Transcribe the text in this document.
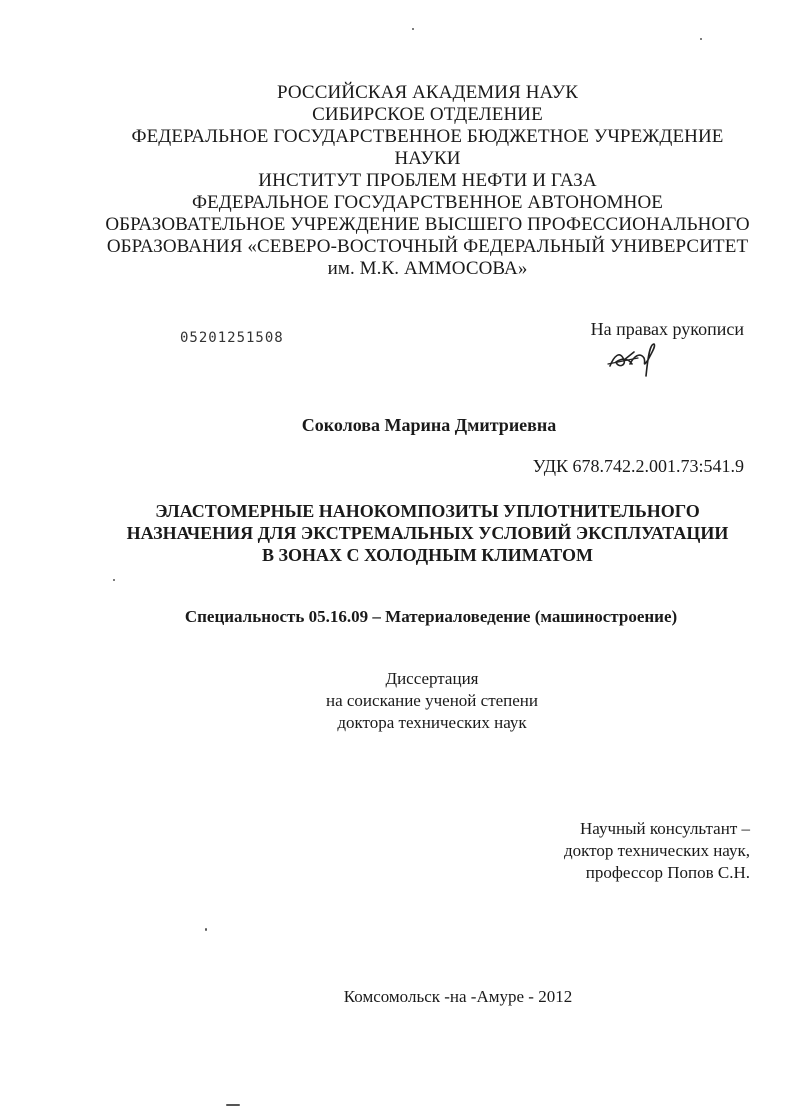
РОССИЙСКАЯ АКАДЕМИЯ НАУК
СИБИРСКОЕ ОТДЕЛЕНИЕ
ФЕДЕРАЛЬНОЕ ГОСУДАРСТВЕННОЕ БЮДЖЕТНОЕ УЧРЕЖДЕНИЕ
НАУКИ
ИНСТИТУТ ПРОБЛЕМ НЕФТИ И ГАЗА
ФЕДЕРАЛЬНОЕ ГОСУДАРСТВЕННОЕ АВТОНОМНОЕ
ОБРАЗОВАТЕЛЬНОЕ УЧРЕЖДЕНИЕ ВЫСШЕГО ПРОФЕССИОНАЛЬНОГО
ОБРАЗОВАНИЯ «СЕВЕРО-ВОСТОЧНЫЙ ФЕДЕРАЛЬНЫЙ УНИВЕРСИТЕТ
им. М.К. АММОСОВА»
05201251508	На правах рукописи
Соколова Марина Дмитриевна
УДК 678.742.2.001.73:541.9
ЭЛАСТОМЕРНЫЕ НАНОКОМПОЗИТЫ УПЛОТНИТЕЛЬНОГО
НАЗНАЧЕНИЯ ДЛЯ ЭКСТРЕМАЛЬНЫХ УСЛОВИЙ ЭКСПЛУАТАЦИИ
В ЗОНАХ С ХОЛОДНЫМ КЛИМАТОМ
Специальность 05.16.09 – Материаловедение (машиностроение)
Диссертация
на соискание ученой степени
доктора технических наук
Научный консультант –
доктор технических наук,
профессор Попов С.Н.
Комсомольск -на -Амуре - 2012
